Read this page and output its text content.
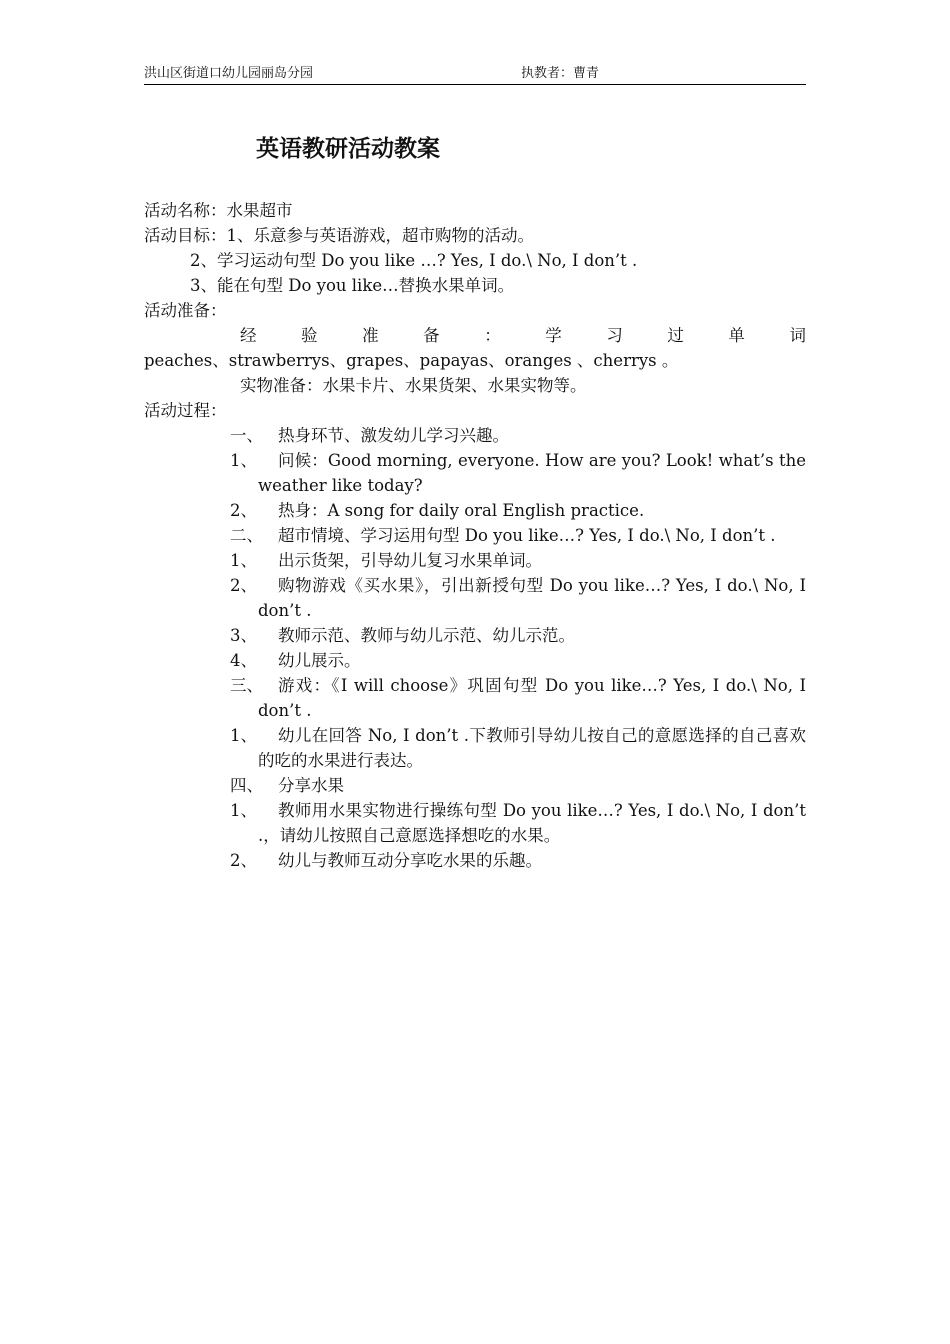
洪山区街道口幼儿园丽岛分园	执教者：曹青
英语教研活动教案

活动名称：水果超市

活动目标：1、乐意参与英语游戏，超市购物的活动。

2、学习运动句型 Do you like …? Yes, I do.\ No, I don’t .

3、能在句型 Do you like…替换水果单词。

活动准备：

经 验 准 备 ： 学 习 过 单 词

peaches、strawberrys、grapes、papayas、oranges 、cherrys 。

实物准备：水果卡片、水果货架、水果实物等。

活动过程：

一、 热身环节、激发幼儿学习兴趣。
1、	问候：Good morning, everyone. How are you? Look! what’s the weather like today?
2、 热身：A song for daily oral English practice.
二、 超市情境、学习运用句型 Do you like…? Yes, I do.\ No, I don’t .
1、 出示货架，引导幼儿复习水果单词。
2、	购物游戏《买水果》，引出新授句型 Do you like…? Yes, I do.\ No, I don’t .
3、 教师示范、教师与幼儿示范、幼儿示范。
4、 幼儿展示。
三、 游戏：《I will choose》巩固句型 Do you like…? Yes, I do.\ No, I don’t .
1、	幼儿在回答 No, I don’t .下教师引导幼儿按自己的意愿选择的自己喜欢的吃的水果进行表达。
四、 分享水果
1、	教师用水果实物进行操练句型 Do you like…? Yes, I do.\ No, I don’t .，请幼儿按照自己意愿选择想吃的水果。
2、 幼儿与教师互动分享吃水果的乐趣。
